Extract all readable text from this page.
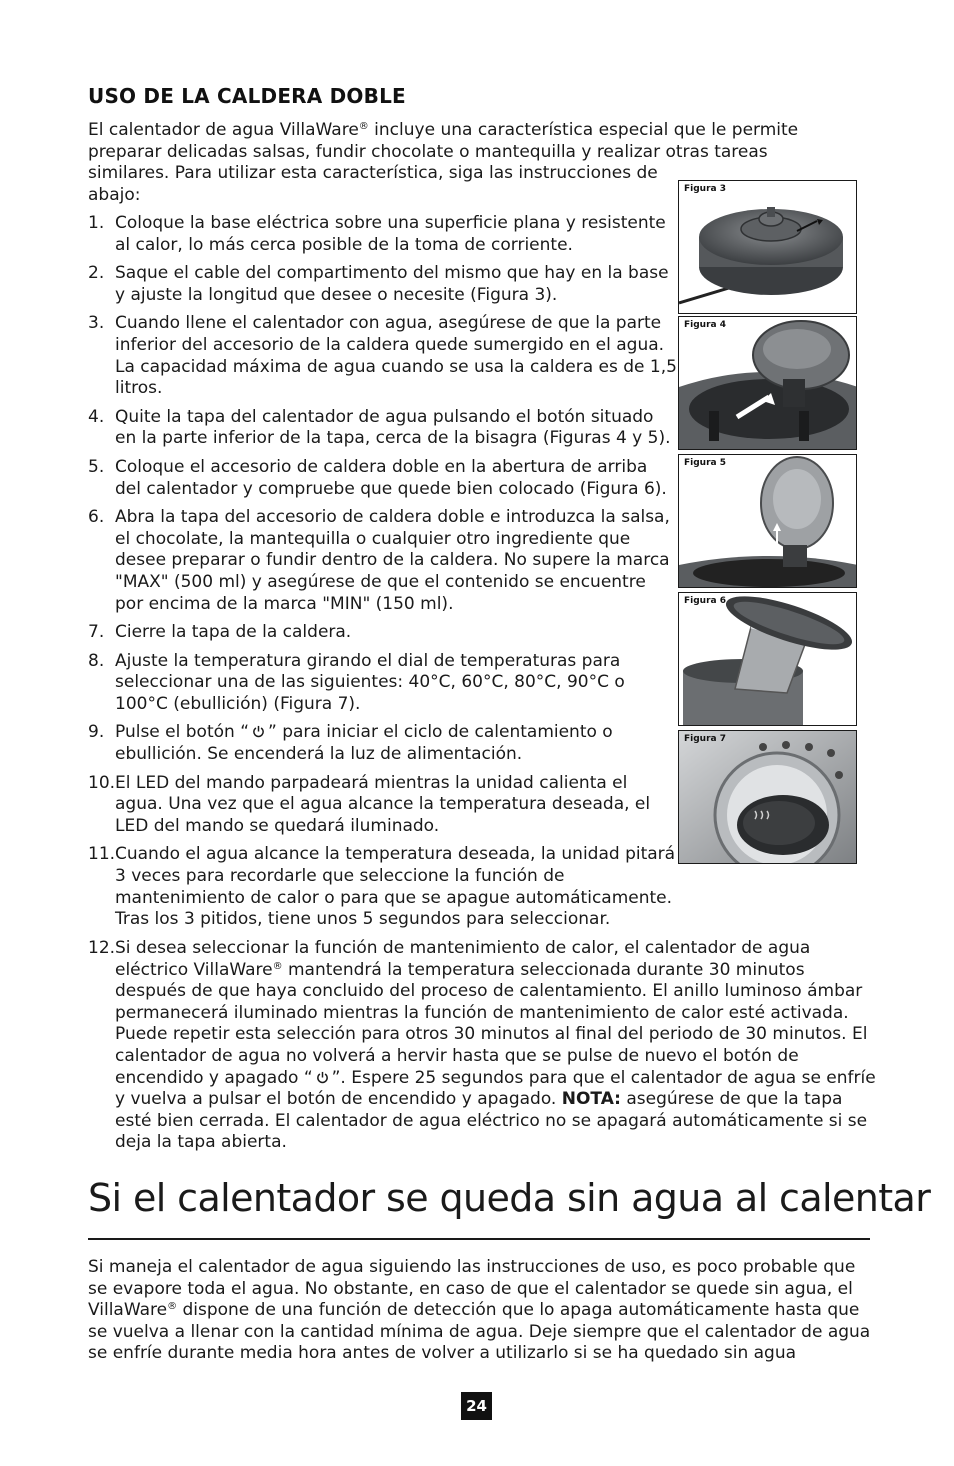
USO DE LA CALDERA DOBLE
El calentador de agua VillaWare® incluye una característica especial que le permite preparar delicadas salsas, fundir chocolate o mantequilla y realizar otras tareas
similares. Para utilizar esta característica, siga las instrucciones de abajo:
1. Coloque la base eléctrica sobre una superficie plana y resistente al calor, lo más cerca posible de la toma de corriente.
2. Saque el cable del compartimento del mismo que hay en la base y ajuste la longitud que desee o necesite (Figura 3).
3. Cuando llene el calentador con agua, asegúrese de que la parte inferior del accesorio de la caldera quede sumergido en el agua. La capacidad máxima de agua cuando se usa la caldera es de 1,5 litros.
4. Quite la tapa del calentador de agua pulsando el botón situado en la parte inferior de la tapa, cerca de la bisagra (Figuras 4 y 5).
5. Coloque el accesorio de caldera doble en la abertura de arriba del calentador y compruebe que quede bien colocado (Figura 6).
6. Abra la tapa del accesorio de caldera doble e introduzca la salsa, el chocolate, la mantequilla o cualquier otro ingrediente que desee preparar o fundir dentro de la caldera. No supere la marca "MAX" (500 ml) y asegúrese de que el contenido se encuentre por encima de la marca "MIN" (150 ml).
7. Cierre la tapa de la caldera.
8. Ajuste la temperatura girando el dial de temperaturas para seleccionar una de las siguientes: 40°C, 60°C, 80°C, 90°C o 100°C (ebullición) (Figura 7).
9. Pulse el botón “ ” para iniciar el ciclo de calentamiento o ebullición. Se encenderá la luz de alimentación.
10. El LED del mando parpadeará mientras la unidad calienta el agua. Una vez que el agua alcance la temperatura deseada, el LED del mando se quedará iluminado.
11. Cuando el agua alcance la temperatura deseada, la unidad pitará 3 veces para recordarle que seleccione la función de mantenimiento de calor o para que se apague automáticamente. Tras los 3 pitidos, tiene unos 5 segundos para seleccionar.
12. Si desea seleccionar la función de mantenimiento de calor, el calentador de agua eléctrico VillaWare® mantendrá la temperatura seleccionada durante 30 minutos después de que haya concluido del proceso de calentamiento. El anillo luminoso ámbar permanecerá iluminado mientras la función de mantenimiento de calor esté activada. Puede repetir esta selección para otros 30 minutos al final del periodo de 30 minutos. El calentador de agua no volverá a hervir hasta que se pulse de nuevo el botón de encendido y apagado “ ”. Espere 25 segundos para que el calentador de agua se enfríe y vuelva a pulsar el botón de encendido y apagado. NOTA: asegúrese de que la tapa esté bien cerrada. El calentador de agua eléctrico no se apagará automáticamente si se deja la tapa abierta.
Figura 3
Figura 4
Figura 5
Figura 6
Figura 7
Si el calentador se queda sin agua al calentar

Si maneja el calentador de agua siguiendo las instrucciones de uso, es poco probable que se evapore toda el agua. No obstante, en caso de que el calentador se quede sin agua, el VillaWare® dispone de una función de detección que lo apaga automáticamente hasta que se vuelva a llenar con la cantidad mínima de agua. Deje siempre que el calentador de agua se enfríe durante media hora antes de volver a utilizarlo si se ha quedado sin agua

24
